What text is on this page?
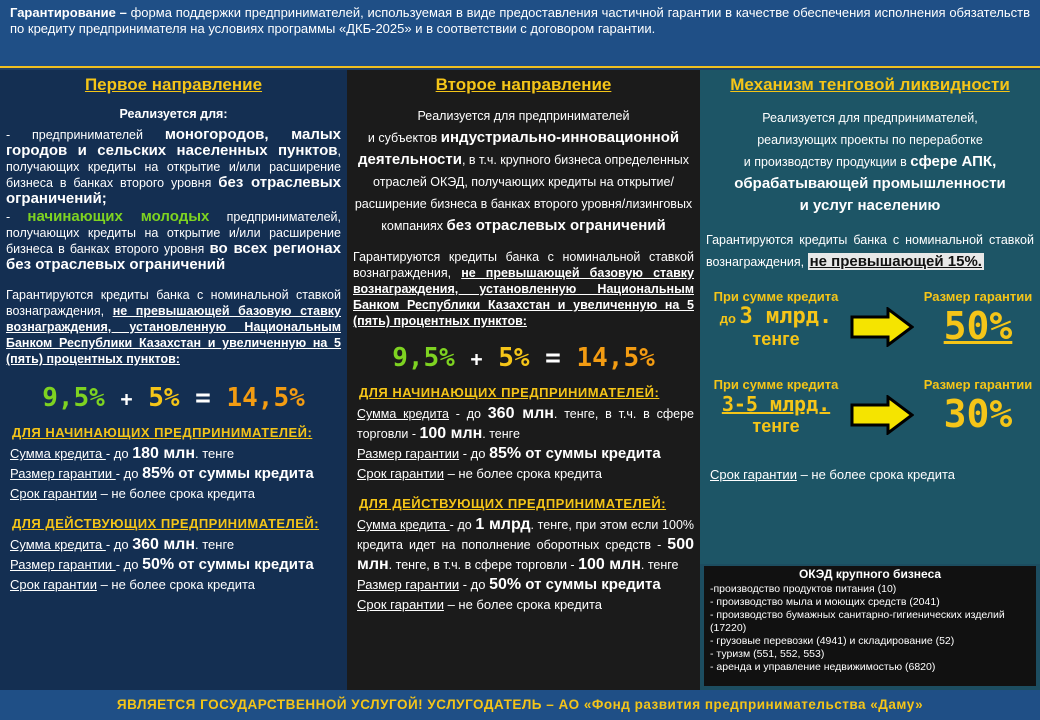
Гарантирование – форма поддержки предпринимателей, используемая в виде предоставления частичной гарантии в качестве обеспечения исполнения обязательств по кредиту предпринимателя на условиях программы «ДКБ-2025» и в соответствии с договором гарантии.
Первое направление
Реализуется для:
- предпринимателей моногородов, малых городов и сельских населенных пунктов, получающих кредиты на открытие и/или расширение бизнеса в банках второго уровня без отраслевых ограничений;
- начинающих молодых предпринимателей, получающих кредиты на открытие и/или расширение бизнеса в банках второго уровня во всех регионах без отраслевых ограничений
Гарантируются кредиты банка с номинальной ставкой вознаграждения, не превышающей базовую ставку вознаграждения, установленную Национальным Банком Республики Казахстан и увеличенную на 5 (пять) процентных пунктов:
9,5% + 5% = 14,5%
ДЛЯ НАЧИНАЮЩИХ ПРЕДПРИНИМАТЕЛЕЙ:
Сумма кредита - до 180 млн. тенге
Размер гарантии - до 85% от суммы кредита
Срок гарантии – не более срока кредита
ДЛЯ ДЕЙСТВУЮЩИХ ПРЕДПРИНИМАТЕЛЕЙ:
Сумма кредита - до 360 млн. тенге
Размер гарантии - до 50% от суммы кредита
Срок гарантии – не более срока кредита
Второе направление
Реализуется для предпринимателей
и субъектов индустриально-инновационной деятельности, в т.ч. крупного бизнеса определенных отраслей ОКЭД, получающих кредиты на открытие/расширение бизнеса в банках второго уровня/лизинговых компаниях без отраслевых ограничений
Гарантируются кредиты банка с номинальной ставкой вознаграждения, не превышающей базовую ставку вознаграждения, установленную Национальным Банком Республики Казахстан и увеличенную на 5 (пять) процентных пунктов:
9,5% + 5% = 14,5%
ДЛЯ НАЧИНАЮЩИХ ПРЕДПРИНИМАТЕЛЕЙ:
Сумма кредита - до 360 млн. тенге, в т.ч. в сфере торговли - 100 млн. тенге
Размер гарантии - до 85% от суммы кредита
Срок гарантии – не более срока кредита
ДЛЯ ДЕЙСТВУЮЩИХ ПРЕДПРИНИМАТЕЛЕЙ:
Сумма кредита - до 1 млрд. тенге, при этом если 100% кредита идет на пополнение оборотных средств - 500 млн. тенге, в т.ч. в сфере торговли - 100 млн. тенге
Размер гарантии - до 50% от суммы кредита
Срок гарантии – не более срока кредита
Механизм тенговой ликвидности
Реализуется для предпринимателей,
реализующих проекты по переработке
и производству продукции в сфере АПК,
обрабатывающей промышленности
и услуг населению
Гарантируются кредиты банка с номинальной ставкой вознаграждения, не превышающей 15%.
При сумме кредита
до 3 млрд.
тенге
Размер гарантии
50%
При сумме кредита
3-5 млрд.
тенге
Размер гарантии
30%
Срок гарантии – не более срока кредита
ОКЭД крупного бизнеса
-производство продуктов питания (10)
- производство мыла и моющих средств (2041)
- производство бумажных санитарно-гигиенических изделий (17220)
- грузовые перевозки (4941) и складирование (52)
- туризм (551, 552, 553)
- аренда и управление недвижимостью (6820)
ЯВЛЯЕТСЯ ГОСУДАРСТВЕННОЙ УСЛУГОЙ! УСЛУГОДАТЕЛЬ – АО «Фонд развития предпринимательства «Даму»
